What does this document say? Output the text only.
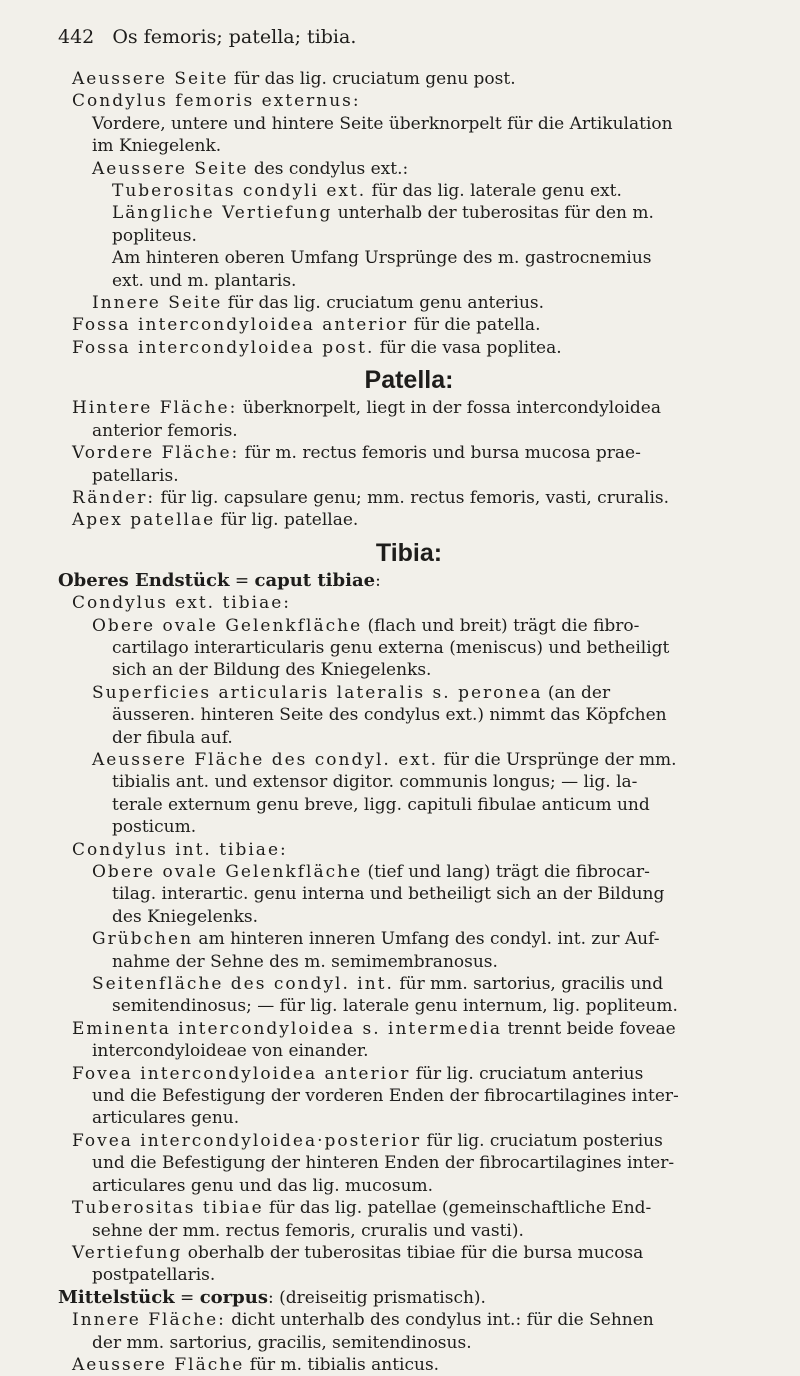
442 Os femoris; patella; tibia.
Aeussere Seite für das lig. cruciatum genu post.
Condylus femoris externus:
Vordere, untere und hintere Seite überknorpelt für die Artikulation
im Kniegelenk.
Aeussere Seite des condylus ext.:
Tuberositas condyli ext. für das lig. laterale genu ext.
Längliche Vertiefung unterhalb der tuberositas für den m.
popliteus.
Am hinteren oberen Umfang Ursprünge des m. gastrocnemius
ext. und m. plantaris.
Innere Seite für das lig. cruciatum genu anterius.
Fossa intercondyloidea anterior für die patella.
Fossa intercondyloidea post. für die vasa poplitea.
Patella:
Hintere Fläche: überknorpelt, liegt in der fossa intercondyloidea
anterior femoris.
Vordere Fläche: für m. rectus femoris und bursa mucosa prae-
patellaris.
Ränder: für lig. capsulare genu; mm. rectus femoris, vasti, cruralis.
Apex patellae für lig. patellae.
Tibia:
Oberes Endstück = caput tibiae:
Condylus ext. tibiae:
Obere ovale Gelenkfläche (flach und breit) trägt die fibro-
cartilago interarticularis genu externa (meniscus) und betheiligt
sich an der Bildung des Kniegelenks.
Superficies articularis lateralis s. peronea (an der
äusseren. hinteren Seite des condylus ext.) nimmt das Köpfchen
der fibula auf.
Aeussere Fläche des condyl. ext. für die Ursprünge der mm.
tibialis ant. und extensor digitor. communis longus; — lig. la-
terale externum genu breve, ligg. capituli fibulae anticum und
posticum.
Condylus int. tibiae:
Obere ovale Gelenkfläche (tief und lang) trägt die fibrocar-
tilag. interartic. genu interna und betheiligt sich an der Bildung
des Kniegelenks.
Grübchen am hinteren inneren Umfang des condyl. int. zur Auf-
nahme der Sehne des m. semimembranosus.
Seitenfläche des condyl. int. für mm. sartorius, gracilis und
semitendinosus; — für lig. laterale genu internum, lig. popliteum.
Eminenta intercondyloidea s. intermedia trennt beide foveae
intercondyloideae von einander.
Fovea intercondyloidea anterior für lig. cruciatum anterius
und die Befestigung der vorderen Enden der fibrocartilagines inter-
articulares genu.
Fovea intercondyloidea·posterior für lig. cruciatum posterius
und die Befestigung der hinteren Enden der fibrocartilagines inter-
articulares genu und das lig. mucosum.
Tuberositas tibiae für das lig. patellae (gemeinschaftliche End-
sehne der mm. rectus femoris, cruralis und vasti).
Vertiefung oberhalb der tuberositas tibiae für die bursa mucosa
postpatellaris.
Mittelstück = corpus: (dreiseitig prismatisch).
Innere Fläche: dicht unterhalb des condylus int.: für die Sehnen
der mm. sartorius, gracilis, semitendinosus.
Aeussere Fläche für m. tibialis anticus.
